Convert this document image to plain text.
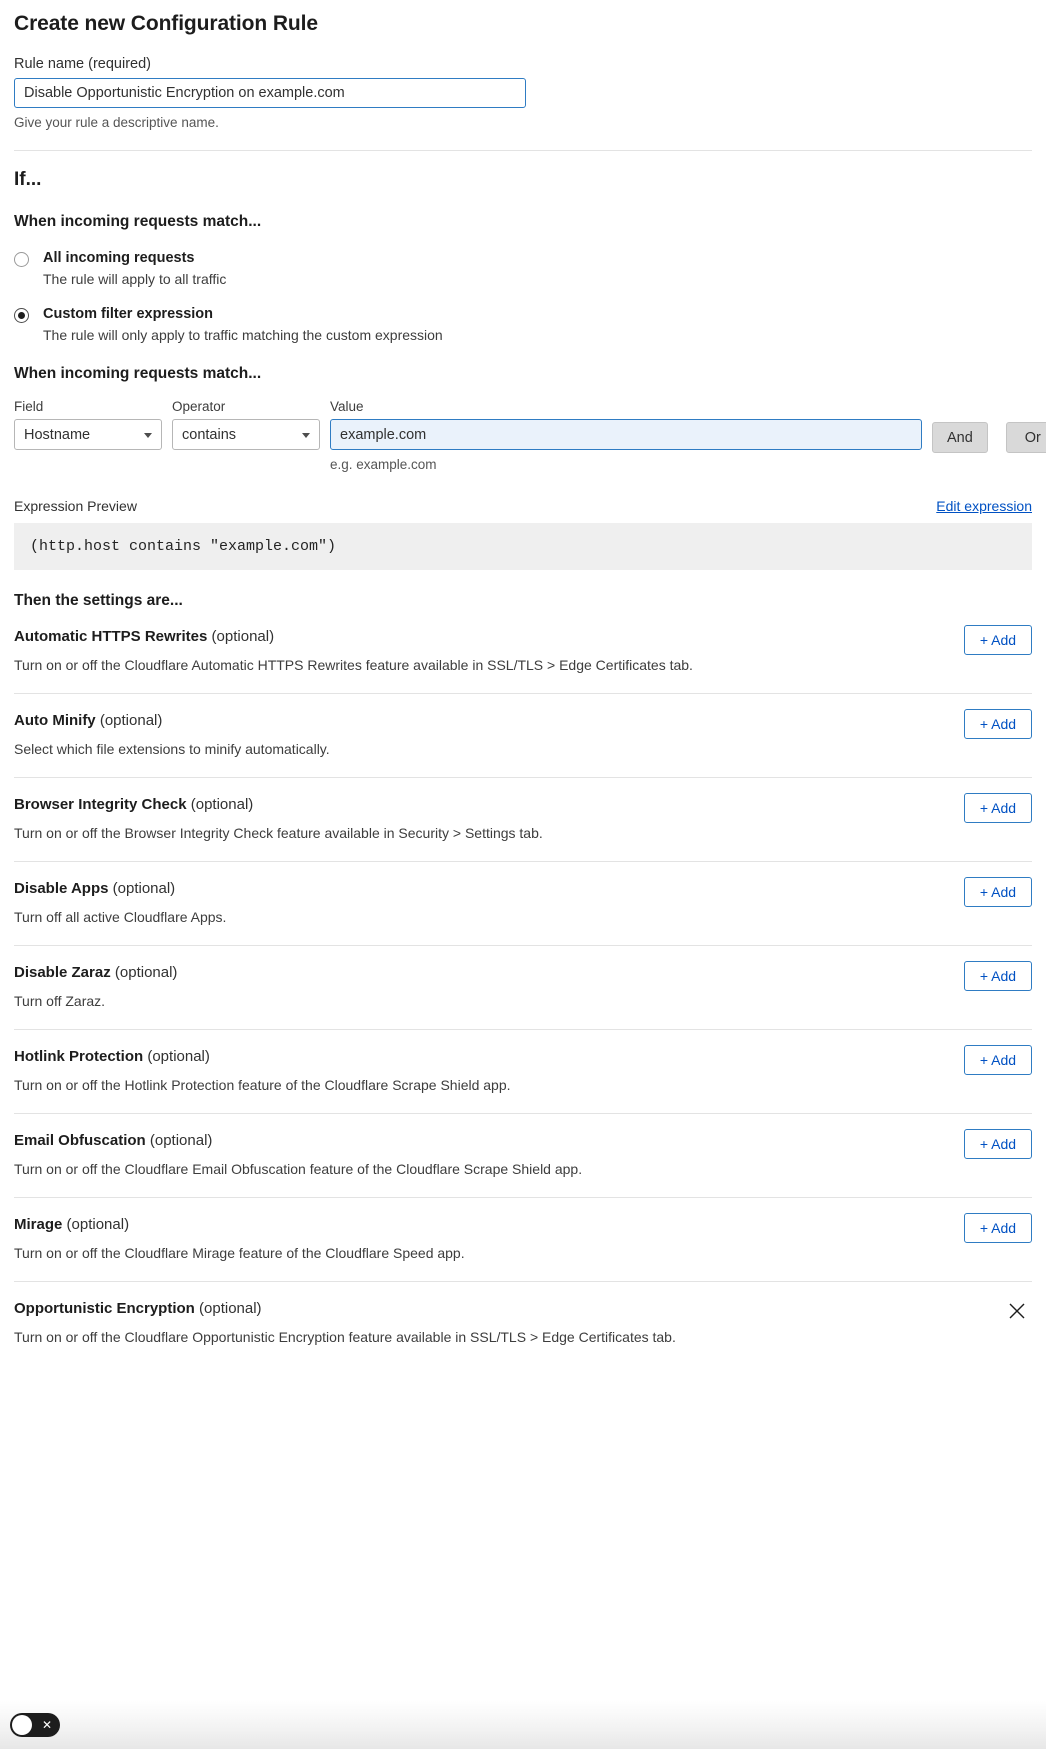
Create new Configuration Rule
Rule name (required)
Disable Opportunistic Encryption on example.com
Give your rule a descriptive name.
If...
When incoming requests match...
All incoming requests
The rule will apply to all traffic
Custom filter expression
The rule will only apply to traffic matching the custom expression
When incoming requests match...
Field
Hostname
Operator
contains
Value
example.com
e.g. example.com
And	Or
Expression Preview	Edit expression
(http.host contains "example.com")
Then the settings are...
Automatic HTTPS Rewrites (optional)
Turn on or off the Cloudflare Automatic HTTPS Rewrites feature available in SSL/TLS > Edge Certificates tab.
+ Add
Auto Minify (optional)
Select which file extensions to minify automatically.
+ Add
Browser Integrity Check (optional)
Turn on or off the Browser Integrity Check feature available in Security > Settings tab.
+ Add
Disable Apps (optional)
Turn off all active Cloudflare Apps.
+ Add
Disable Zaraz (optional)
Turn off Zaraz.
+ Add
Hotlink Protection (optional)
Turn on or off the Hotlink Protection feature of the Cloudflare Scrape Shield app.
+ Add
Email Obfuscation (optional)
Turn on or off the Cloudflare Email Obfuscation feature of the Cloudflare Scrape Shield app.
+ Add
Mirage (optional)
Turn on or off the Cloudflare Mirage feature of the Cloudflare Speed app.
+ Add
Opportunistic Encryption (optional)
Turn on or off the Cloudflare Opportunistic Encryption feature available in SSL/TLS > Edge Certificates tab.
✕
